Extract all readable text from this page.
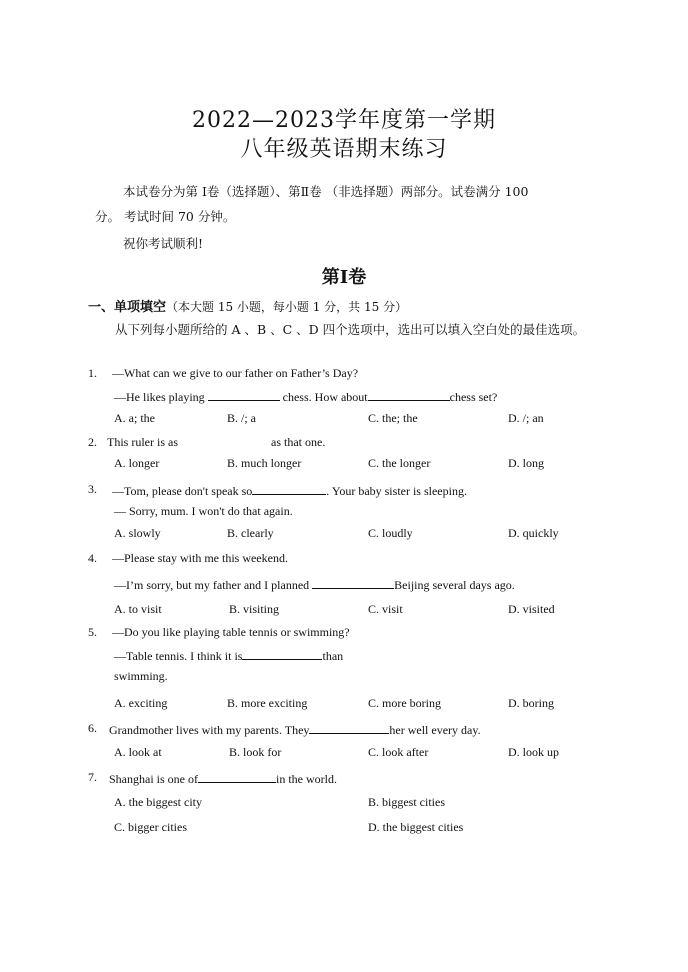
2022—2023学年度第一学期
八年级英语期末练习
本试卷分为第 Ⅰ卷（选择题）、第Ⅱ卷 （非选择题）两部分。试卷满分 100
分。 考试时间 70 分钟。
祝你考试顺利!
第I卷
一、单项填空（本大题 15 小题，每小题 1 分，共 15 分）
从下列每小题所给的 A 、B 、C 、D 四个选项中，选出可以填入空白处的最佳选项。
1. —What can we give to our father on Father’s Day?
—He likes playing	chess. How about	chess set?
A. a; the	B. /; a	C. the; the	D. /; an
2. This ruler is as	as that one.
A. longer	B. much longer	C. the longer	D. long
3. —Tom, please don't speak so	. Your baby sister is sleeping.
— Sorry, mum. I won't do that again.
A. slowly	B. clearly	C. loudly	D. quickly
4. —Please stay with me this weekend.
—I’m sorry, but my father and I planned	Beijing several days ago.
A. to visit	B. visiting	C. visit	D. visited
5. —Do you like playing table tennis or swimming?
—Table tennis. I think it is	than
swimming.
A. exciting	B. more exciting	C. more boring	D. boring
6. Grandmother lives with my parents. They	her well every day.
A. look at	B. look for	C. look after	D. look up
7. Shanghai is one of	in the world.
A. the biggest city	B. biggest cities
C. bigger cities	D. the biggest cities
